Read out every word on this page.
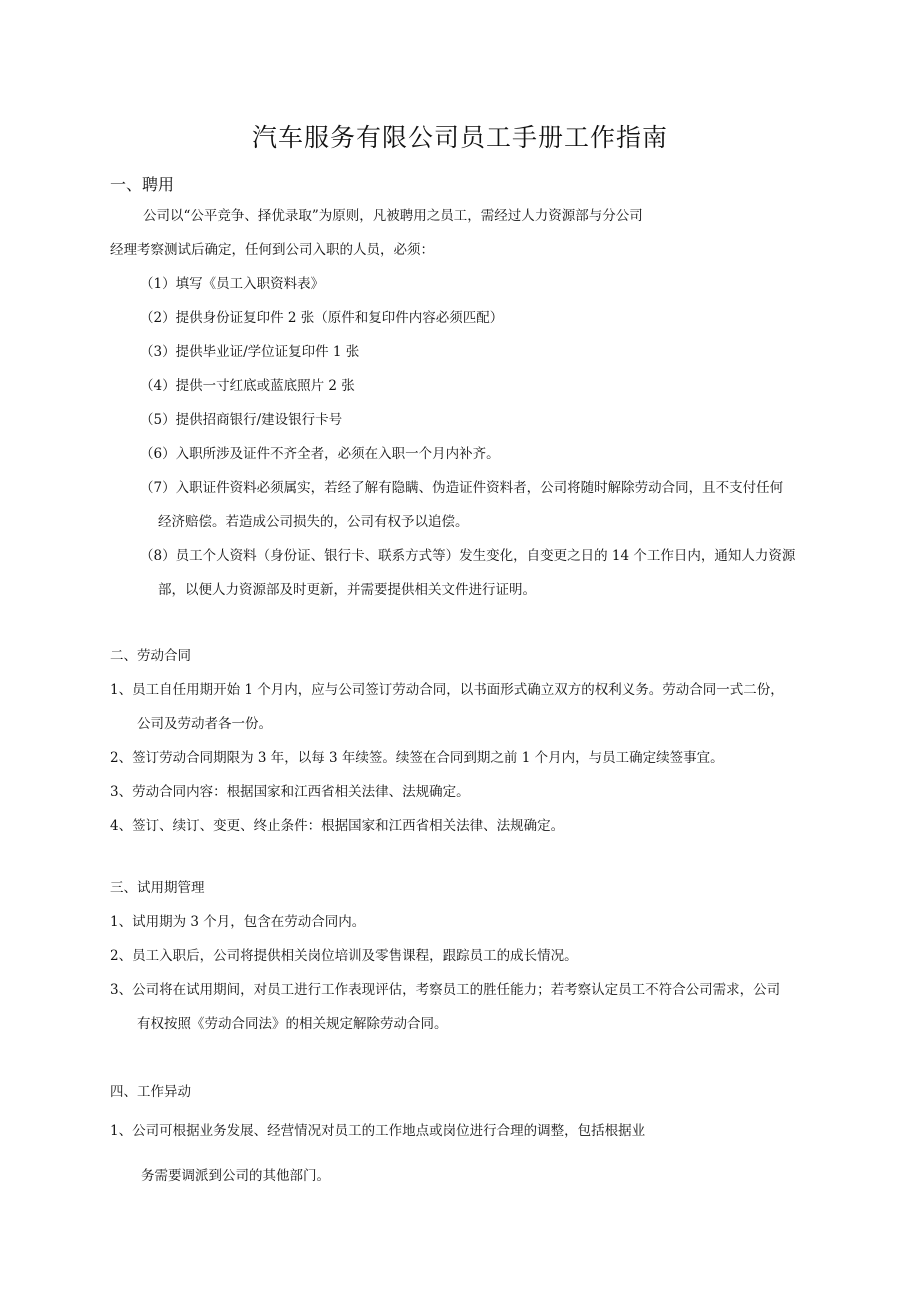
汽车服务有限公司员工手册工作指南
一、聘用
公司以“公平竞争、择优录取”为原则，凡被聘用之员工，需经过人力资源部与分公司
经理考察测试后确定，任何到公司入职的人员，必须：
（1）填写《员工入职资料表》
（2）提供身份证复印件 2 张（原件和复印件内容必须匹配）
（3）提供毕业证/学位证复印件 1 张
（4）提供一寸红底或蓝底照片 2 张
（5）提供招商银行/建设银行卡号
（6）入职所涉及证件不齐全者，必须在入职一个月内补齐。
（7）入职证件资料必须属实，若经了解有隐瞒、伪造证件资料者，公司将随时解除劳动合同，且不支付任何
经济赔偿。若造成公司损失的，公司有权予以追偿。
（8）员工个人资料（身份证、银行卡、联系方式等）发生变化，自变更之日的 14 个工作日内，通知人力资源
部，以便人力资源部及时更新，并需要提供相关文件进行证明。
二、劳动合同
1、员工自任用期开始 1 个月内，应与公司签订劳动合同，以书面形式确立双方的权利义务。劳动合同一式二份，
公司及劳动者各一份。
2、签订劳动合同期限为 3 年，以每 3 年续签。续签在合同到期之前 1 个月内，与员工确定续签事宜。
3、劳动合同内容：根据国家和江西省相关法律、法规确定。
4、签订、续订、变更、终止条件：根据国家和江西省相关法律、法规确定。
三、试用期管理
1、试用期为 3 个月，包含在劳动合同内。
2、员工入职后，公司将提供相关岗位培训及零售课程，跟踪员工的成长情况。
3、公司将在试用期间，对员工进行工作表现评估，考察员工的胜任能力；若考察认定员工不符合公司需求，公司
有权按照《劳动合同法》的相关规定解除劳动合同。
四、工作异动
1、公司可根据业务发展、经营情况对员工的工作地点或岗位进行合理的调整，包括根据业
务需要调派到公司的其他部门。
